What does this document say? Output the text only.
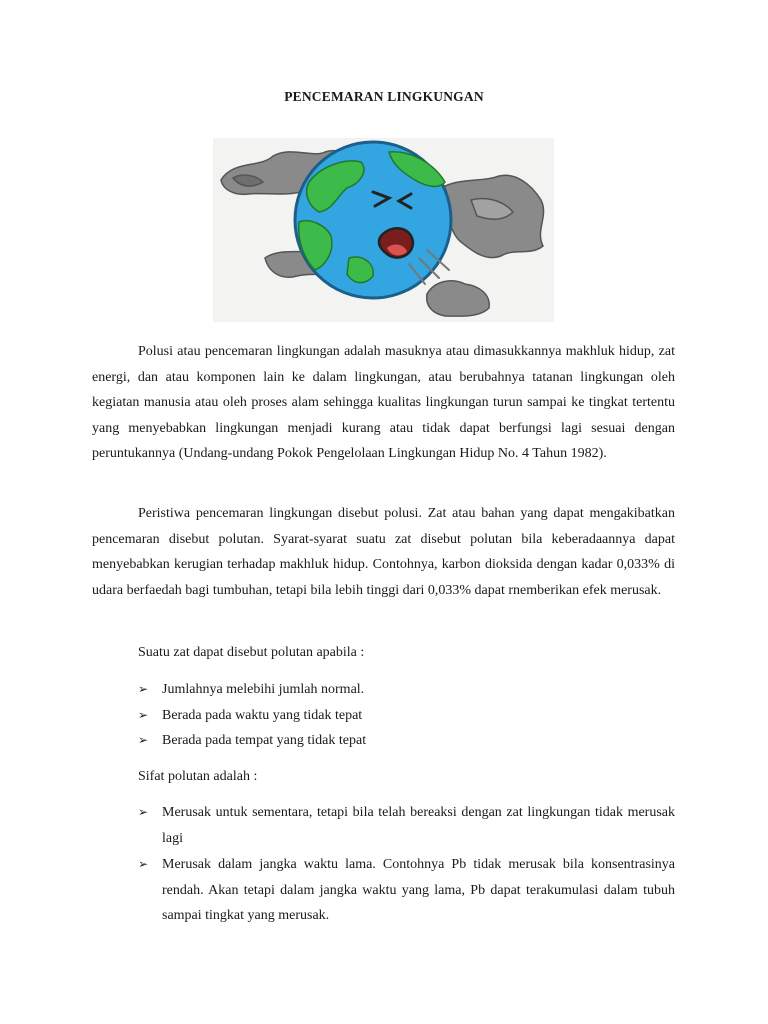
PENCEMARAN LINGKUNGAN

Polusi atau pencemaran lingkungan adalah masuknya atau dimasukkannya makhluk hidup, zat energi, dan atau komponen lain ke dalam lingkungan, atau berubahnya tatanan lingkungan oleh kegiatan manusia atau oleh proses alam sehingga kualitas lingkungan turun sampai ke tingkat tertentu yang menyebabkan lingkungan menjadi kurang atau tidak dapat berfungsi lagi sesuai dengan peruntukannya (Undang-undang Pokok Pengelolaan Lingkungan Hidup No. 4 Tahun 1982).

Peristiwa pencemaran lingkungan disebut polusi. Zat atau bahan yang dapat mengakibatkan pencemaran disebut polutan. Syarat-syarat suatu zat disebut polutan bila keberadaannya dapat menyebabkan kerugian terhadap makhluk hidup. Contohnya, karbon dioksida dengan kadar 0,033% di udara berfaedah bagi tumbuhan, tetapi bila lebih tinggi dari 0,033% dapat rnemberikan efek merusak.

Suatu zat dapat disebut polutan apabila :
➢ Jumlahnya melebihi jumlah normal.
➢ Berada pada waktu yang tidak tepat
➢ Berada pada tempat yang tidak tepat
Sifat polutan adalah :
➢ Merusak untuk sementara, tetapi bila telah bereaksi dengan zat lingkungan tidak merusak lagi
➢ Merusak dalam jangka waktu lama. Contohnya Pb tidak merusak bila konsentrasinya rendah. Akan tetapi dalam jangka waktu yang lama, Pb dapat terakumulasi dalam tubuh sampai tingkat yang merusak.
